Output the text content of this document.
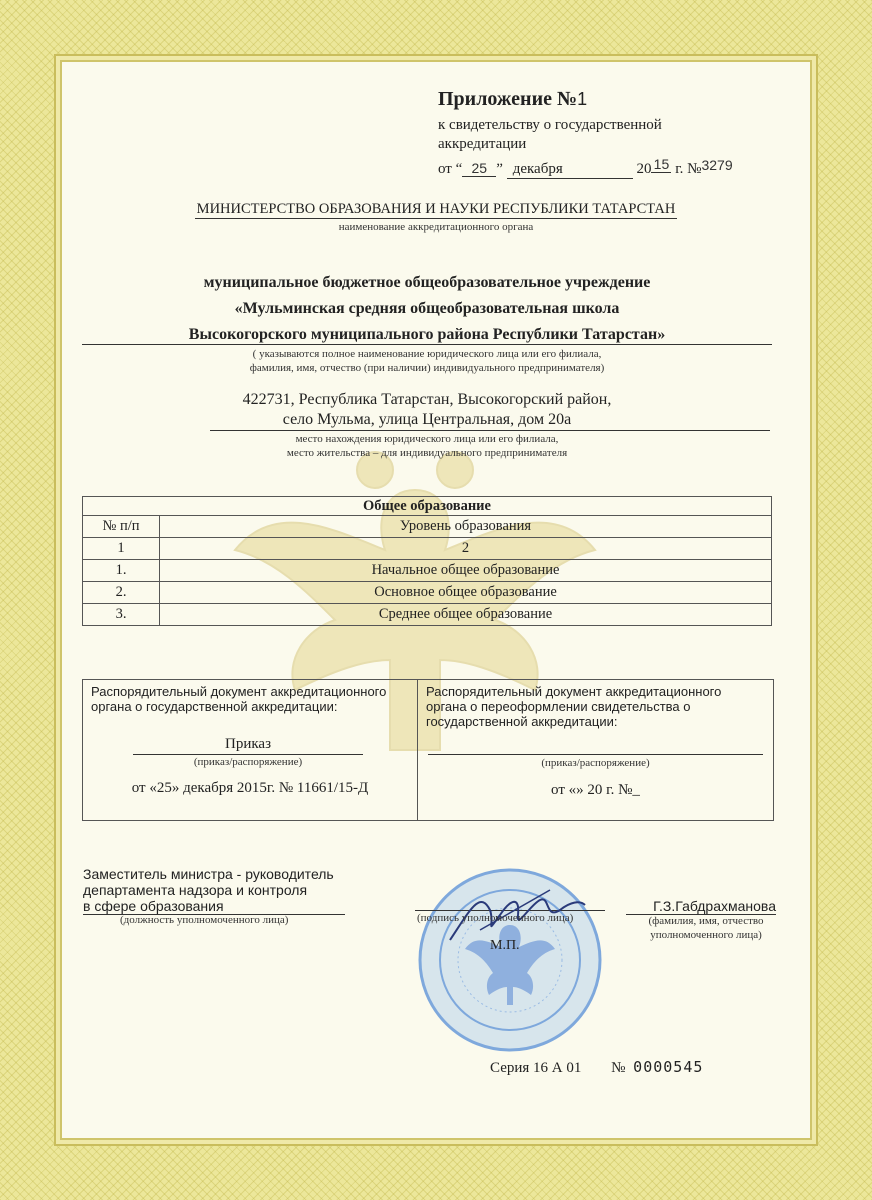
Приложение №1
к свидетельству о государственной аккредитации
от “ 25 ” декабря	20 15 г. №3279
МИНИСТЕРСТВО ОБРАЗОВАНИЯ И НАУКИ РЕСПУБЛИКИ ТАТАРСТАН
наименование аккредитационного органа
муниципальное бюджетное общеобразовательное учреждение
«Мульминская средняя общеобразовательная школа
Высокогорского муниципального района Республики Татарстан»
( указываются полное наименование юридического лица или его филиала,
фамилия, имя, отчество (при наличии) индивидуального предпринимателя)
422731, Республика Татарстан, Высокогорский район,
село Мульма, улица Центральная, дом 20а
место нахождения юридического лица или его филиала,
место жительства – для индивидуального предпринимателя
Общее образование	
№ п/п	Уровень образования
1	2
1.	Начальное общее образование
2.	Основное общее образование
3.	Среднее общее образование
Распорядительный документ аккредитационного органа о государственной аккредитации:
Приказ
(приказ/распоряжение)
от «25» декабря 2015г. № 11661/15-Д
Распорядительный документ аккредитационного органа о переоформлении свидетельства о государственной аккредитации:
(приказ/распоряжение)
от «» 20 г. №_
Заместитель министра - руководитель
департамента надзора и контроля
в сфере образования
(должность уполномоченного лица)	(подпись уполномоченного лица)
М.П.
Г.З.Габдрахманова
(фамилия, имя, отчество
уполномоченного лица)
Серия 16 А 01 № 0000545
